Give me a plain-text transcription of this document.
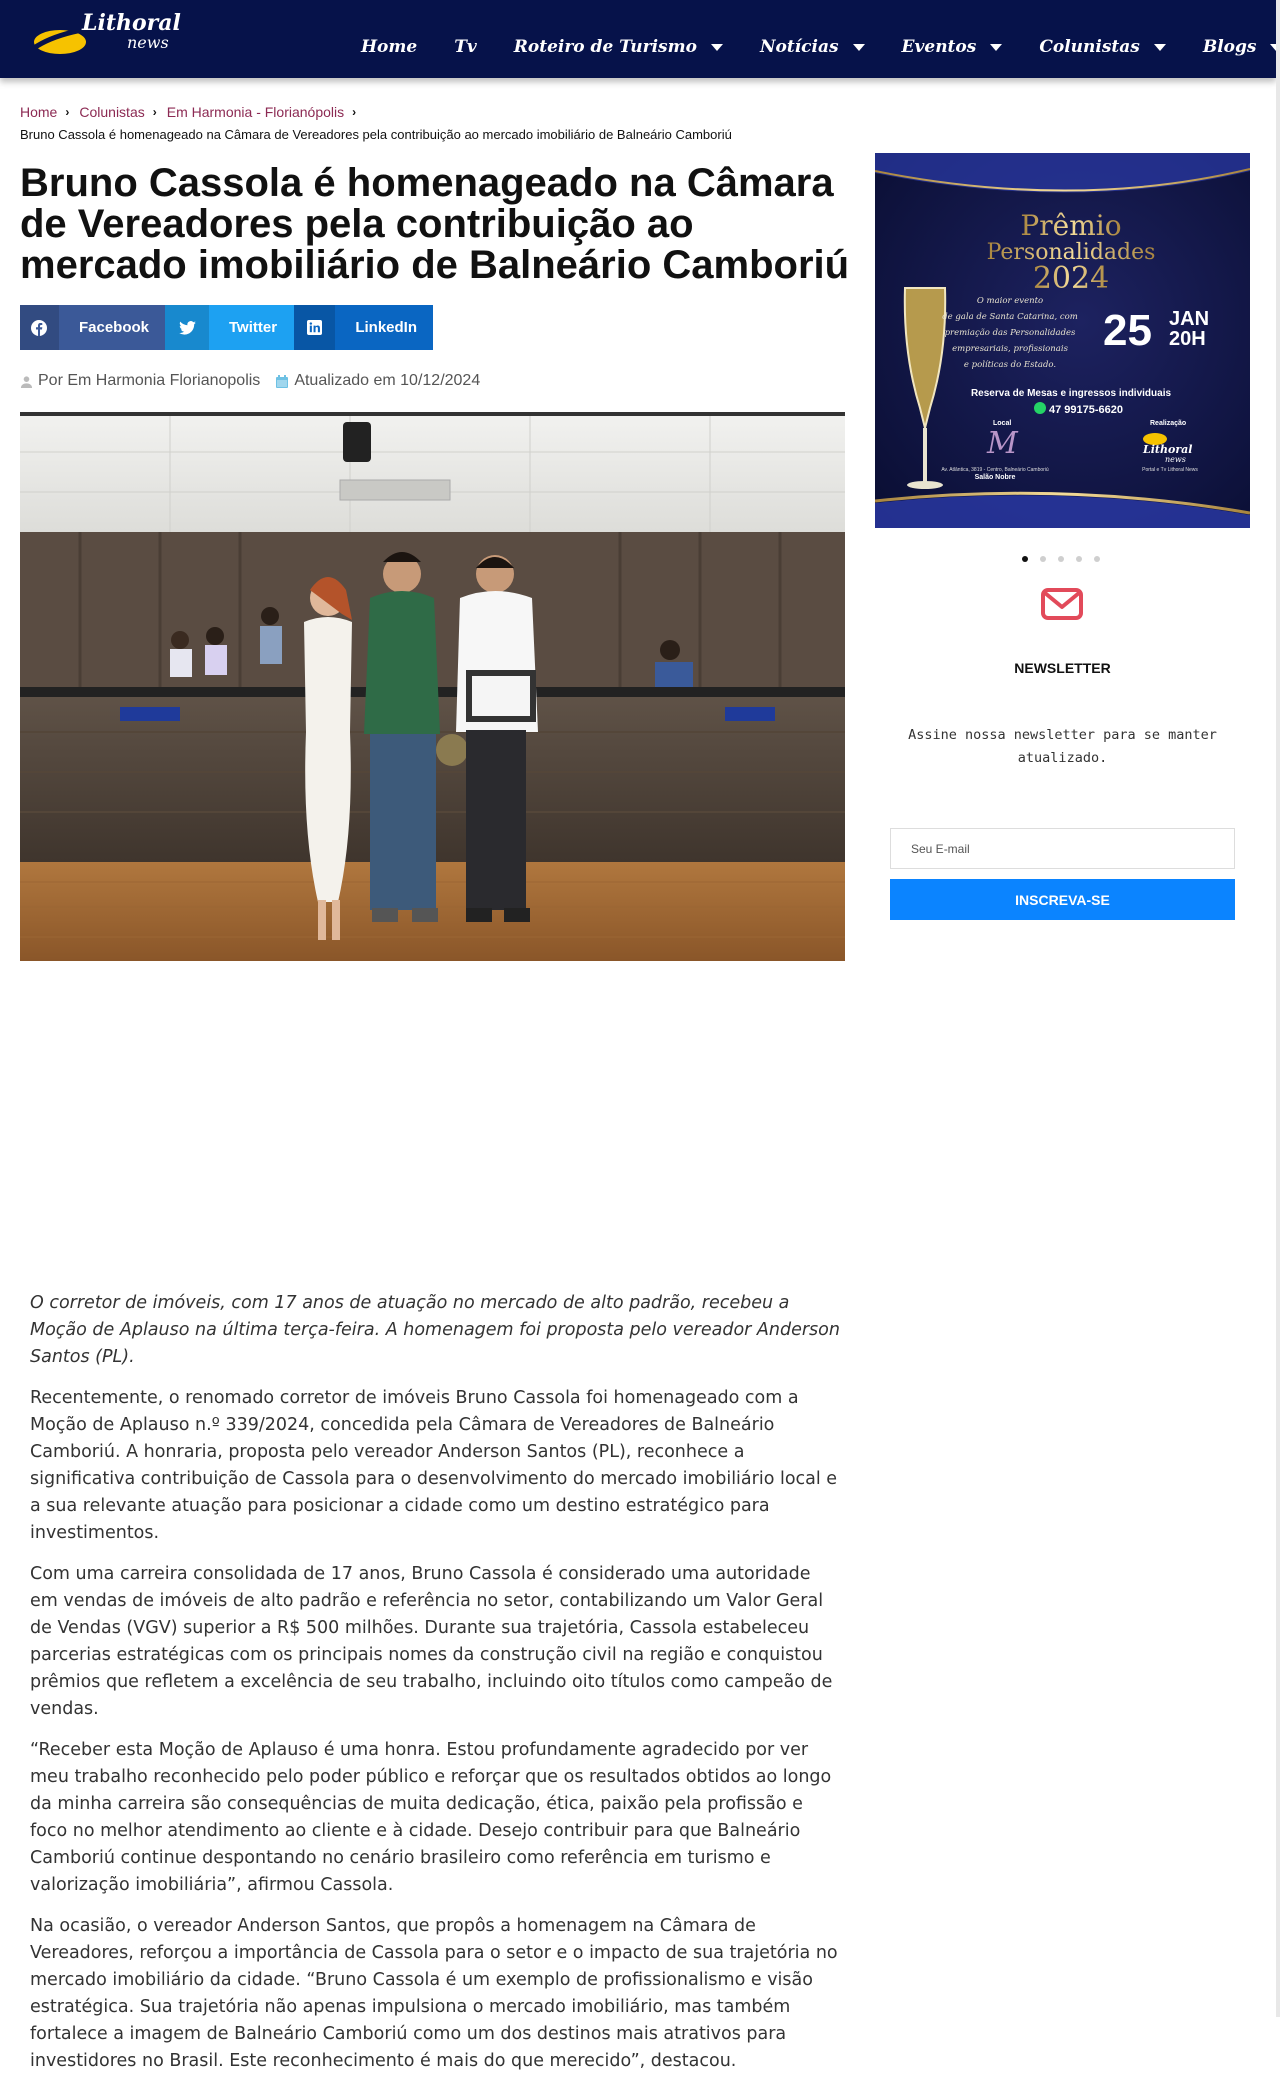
Lithoral
news	Home Tv Roteiro de Turismo	Notícias	Eventos	Colunistas	Blogs
Home › Colunistas › Em Harmonia - Florianópolis ›
Bruno Cassola é homenageado na Câmara de Vereadores pela contribuição ao mercado imobiliário de Balneário Camboriú
Bruno Cassola é homenageado na Câmara de Vereadores pela contribuição ao mercado imobiliário de Balneário Camboriú
Facebook	Twitter	LinkedIn
Por Em Harmonia Florianopolis Atualizado em 10/12/2024

O corretor de imóveis, com 17 anos de atuação no mercado de alto padrão, recebeu a Moção de Aplauso na última terça-feira. A homenagem foi proposta pelo vereador Anderson Santos (PL).

Recentemente, o renomado corretor de imóveis Bruno Cassola foi homenageado com a Moção de Aplauso n.º 339/2024, concedida pela Câmara de Vereadores de Balneário Camboriú. A honraria, proposta pelo vereador Anderson Santos (PL), reconhece a significativa contribuição de Cassola para o desenvolvimento do mercado imobiliário local e a sua relevante atuação para posicionar a cidade como um destino estratégico para investimentos.

Com uma carreira consolidada de 17 anos, Bruno Cassola é considerado uma autoridade em vendas de imóveis de alto padrão e referência no setor, contabilizando um Valor Geral de Vendas (VGV) superior a R$ 500 milhões. Durante sua trajetória, Cassola estabeleceu parcerias estratégicas com os principais nomes da construção civil na região e conquistou prêmios que refletem a excelência de seu trabalho, incluindo oito títulos como campeão de vendas.

“Receber esta Moção de Aplauso é uma honra. Estou profundamente agradecido por ver meu trabalho reconhecido pelo poder público e reforçar que os resultados obtidos ao longo da minha carreira são consequências de muita dedicação, ética, paixão pela profissão e foco no melhor atendimento ao cliente e à cidade. Desejo contribuir para que Balneário Camboriú continue despontando no cenário brasileiro como referência em turismo e valorização imobiliária”, afirmou Cassola.

Na ocasião, o vereador Anderson Santos, que propôs a homenagem na Câmara de Vereadores, reforçou a importância de Cassola para o setor e o impacto de sua trajetória no mercado imobiliário da cidade. “Bruno Cassola é um exemplo de profissionalismo e visão estratégica. Sua trajetória não apenas impulsiona o mercado imobiliário, mas também fortalece a imagem de Balneário Camboriú como um dos destinos mais atrativos para investidores no Brasil. Este reconhecimento é mais do que merecido”, destacou.

Prêmio
Personalidades
2024
O maior evento
de gala de Santa Catarina, com
premiação das Personalidades
empresariais, profissionais
e políticas do Estado.
25 JAN
20H
Reserva de Mesas e ingressos individuais
47 99175-6620
Local	Realização
M
Av. Atlântica, 3819 - Centro, Balneário Camboriú
Salão Nobre
Lithoral
news
Portal e Tv Lithoral News
NEWSLETTER
Assine nossa newsletter para se manter atualizado.
Seu E-mail
INSCREVA-SE
